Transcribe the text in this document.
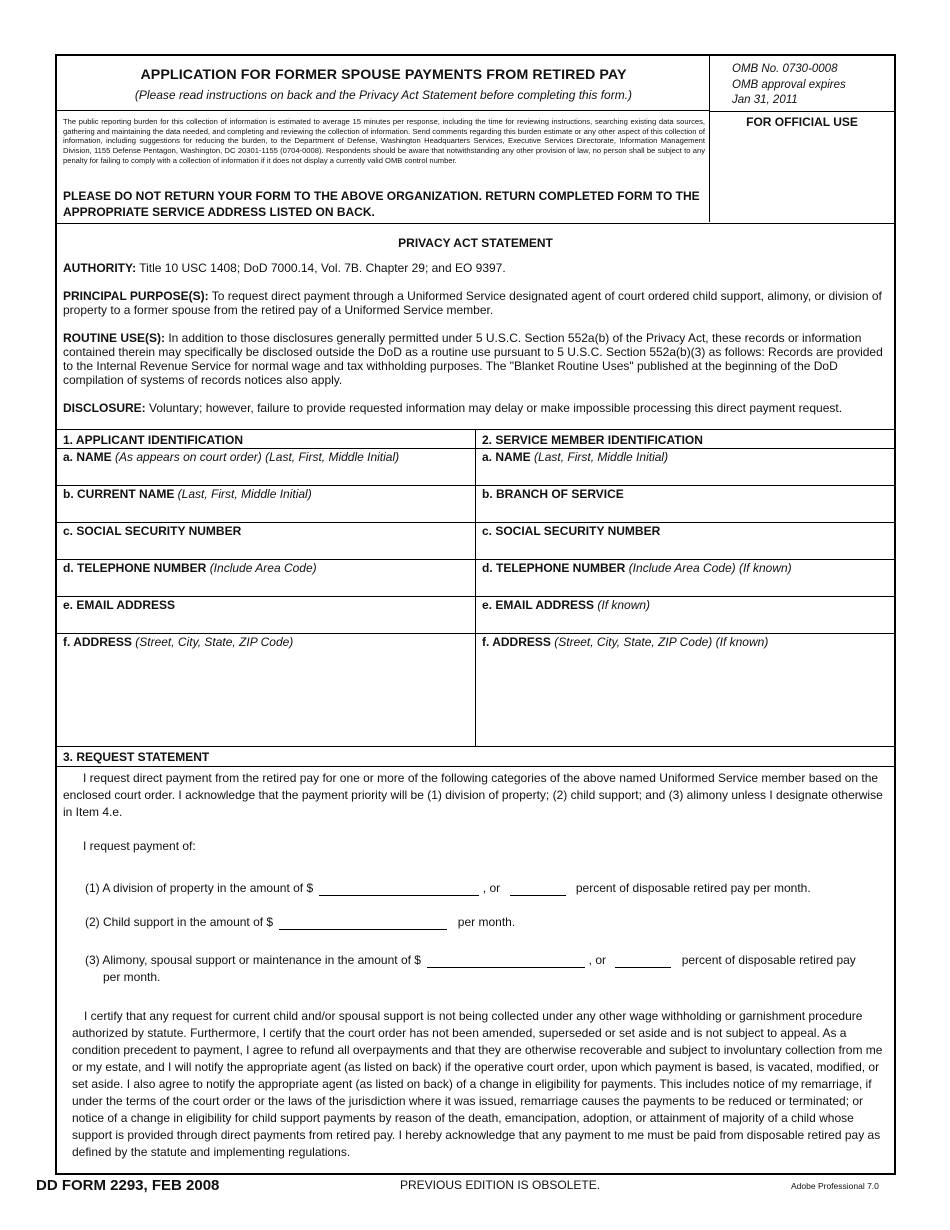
APPLICATION FOR FORMER SPOUSE PAYMENTS FROM RETIRED PAY
(Please read instructions on back and the Privacy Act Statement before completing this form.)
The public reporting burden for this collection of information is estimated to average 15 minutes per response, including the time for reviewing instructions, searching existing data sources, gathering and maintaining the data needed, and completing and reviewing the collection of information. Send comments regarding this burden estimate or any other aspect of this collection of information, including suggestions for reducing the burden, to the Department of Defense, Washington Headquarters Services, Executive Services Directorate, Information Management Division, 1155 Defense Pentagon, Washington, DC 20301-1155 (0704-0008). Respondents should be aware that notwithstanding any other provision of law, no person shall be subject to any penalty for failing to comply with a collection of information if it does not display a currently valid OMB control number.
PLEASE DO NOT RETURN YOUR FORM TO THE ABOVE ORGANIZATION. RETURN COMPLETED FORM TO THE APPROPRIATE SERVICE ADDRESS LISTED ON BACK.
OMB No. 0730-0008
OMB approval expires
Jan 31, 2011
FOR OFFICIAL USE
PRIVACY ACT STATEMENT
AUTHORITY: Title 10 USC 1408; DoD 7000.14, Vol. 7B. Chapter 29; and EO 9397.
PRINCIPAL PURPOSE(S): To request direct payment through a Uniformed Service designated agent of court ordered child support, alimony, or division of property to a former spouse from the retired pay of a Uniformed Service member.
ROUTINE USE(S): In addition to those disclosures generally permitted under 5 U.S.C. Section 552a(b) of the Privacy Act, these records or information contained therein may specifically be disclosed outside the DoD as a routine use pursuant to 5 U.S.C. Section 552a(b)(3) as follows: Records are provided to the Internal Revenue Service for normal wage and tax withholding purposes. The "Blanket Routine Uses" published at the beginning of the DoD compilation of systems of records notices also apply.
DISCLOSURE: Voluntary; however, failure to provide requested information may delay or make impossible processing this direct payment request.
1. APPLICANT IDENTIFICATION	2. SERVICE MEMBER IDENTIFICATION
a. NAME (As appears on court order) (Last, First, Middle Initial)	a. NAME (Last, First, Middle Initial)
b. CURRENT NAME (Last, First, Middle Initial)	b. BRANCH OF SERVICE
c. SOCIAL SECURITY NUMBER	c. SOCIAL SECURITY NUMBER
d. TELEPHONE NUMBER (Include Area Code)	d. TELEPHONE NUMBER (Include Area Code) (If known)
e. EMAIL ADDRESS	e. EMAIL ADDRESS (If known)
f. ADDRESS (Street, City, State, ZIP Code)	f. ADDRESS (Street, City, State, ZIP Code) (If known)
3. REQUEST STATEMENT
I request direct payment from the retired pay for one or more of the following categories of the above named Uniformed Service member based on the enclosed court order. I acknowledge that the payment priority will be (1) division of property; (2) child support; and (3) alimony unless I designate otherwise in Item 4.e.
I request payment of:
(1) A division of property in the amount of $	, or	percent of disposable retired pay per month.
(2) Child support in the amount of $	per month.
(3) Alimony, spousal support or maintenance in the amount of $	, or	percent of disposable retired pay
per month.
I certify that any request for current child and/or spousal support is not being collected under any other wage withholding or garnishment procedure authorized by statute. Furthermore, I certify that the court order has not been amended, superseded or set aside and is not subject to appeal. As a condition precedent to payment, I agree to refund all overpayments and that they are otherwise recoverable and subject to involuntary collection from me or my estate, and I will notify the appropriate agent (as listed on back) if the operative court order, upon which payment is based, is vacated, modified, or set aside. I also agree to notify the appropriate agent (as listed on back) of a change in eligibility for payments. This includes notice of my remarriage, if under the terms of the court order or the laws of the jurisdiction where it was issued, remarriage causes the payments to be reduced or terminated; or notice of a change in eligibility for child support payments by reason of the death, emancipation, adoption, or attainment of majority of a child whose support is provided through direct payments from retired pay. I hereby acknowledge that any payment to me must be paid from disposable retired pay as defined by the statute and implementing regulations.
DD FORM 2293, FEB 2008	PREVIOUS EDITION IS OBSOLETE.	Adobe Professional 7.0
